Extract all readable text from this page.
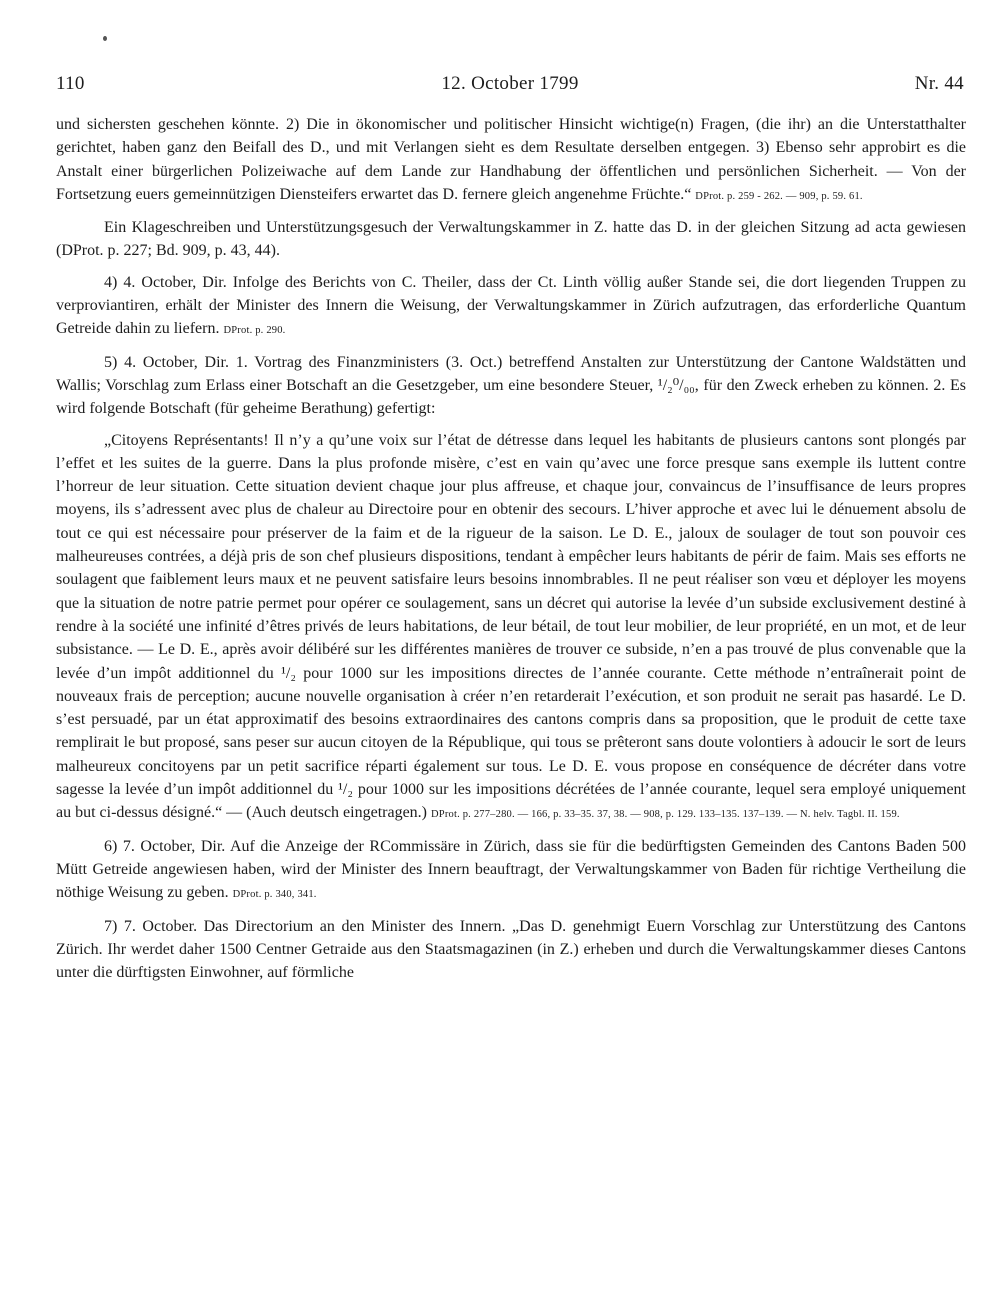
110	12. October 1799	Nr. 44

und sichersten geschehen könnte. 2) Die in ökonomischer und politischer Hinsicht wichtige(n) Fragen, (die ihr) an die Unterstatthalter gerichtet, haben ganz den Beifall des D., und mit Verlangen sieht es dem Resultate derselben entgegen. 3) Ebenso sehr approbirt es die Anstalt einer bürgerlichen Polizeiwache auf dem Lande zur Handhabung der öffentlichen und persönlichen Sicherheit. — Von der Fortsetzung euers gemeinnützigen Diensteifers erwartet das D. fernere gleich angenehme Früchte.“ DProt. p. 259 - 262. — 909, p. 59. 61.

Ein Klageschreiben und Unterstützungsgesuch der Verwaltungskammer in Z. hatte das D. in der gleichen Sitzung ad acta gewiesen (DProt. p. 227; Bd. 909, p. 43, 44).

4) 4. October, Dir. Infolge des Berichts von C. Theiler, dass der Ct. Linth völlig außer Stande sei, die dort liegenden Truppen zu verproviantiren, erhält der Minister des Innern die Weisung, der Verwaltungskammer in Zürich aufzutragen, das erforderliche Quantum Getreide dahin zu liefern. DProt. p. 290.

5) 4. October, Dir. 1. Vortrag des Finanzministers (3. Oct.) betreffend Anstalten zur Unterstützung der Cantone Waldstätten und Wallis; Vorschlag zum Erlass einer Botschaft an die Gesetzgeber, um eine besondere Steuer, ¹/₂⁰/₀₀, für den Zweck erheben zu können. 2. Es wird folgende Botschaft (für geheime Berathung) gefertigt:

„Citoyens Représentants! Il n’y a qu’une voix sur l’état de détresse dans lequel les habitants de plusieurs cantons sont plongés par l’effet et les suites de la guerre. Dans la plus profonde misère, c’est en vain qu’avec une force presque sans exemple ils luttent contre l’horreur de leur situation. Cette situation devient chaque jour plus affreuse, et chaque jour, convaincus de l’insuffisance de leurs propres moyens, ils s’adressent avec plus de chaleur au Directoire pour en obtenir des secours. L’hiver approche et avec lui le dénuement absolu de tout ce qui est nécessaire pour préserver de la faim et de la rigueur de la saison. Le D. E., jaloux de soulager de tout son pouvoir ces malheureuses contrées, a déjà pris de son chef plusieurs dispositions, tendant à empêcher leurs habitants de périr de faim. Mais ses efforts ne soulagent que faiblement leurs maux et ne peuvent satisfaire leurs besoins innombrables. Il ne peut réaliser son vœu et déployer les moyens que la situation de notre patrie permet pour opérer ce soulagement, sans un décret qui autorise la levée d’un subside exclusivement destiné à rendre à la société une infinité d’êtres privés de leurs habitations, de leur bétail, de tout leur mobilier, de leur propriété, en un mot, et de leur subsistance. — Le D. E., après avoir délibéré sur les différentes manières de trouver ce subside, n’en a pas trouvé de plus convenable que la levée d’un impôt additionnel du ¹/₂ pour 1000 sur les impositions directes de l’année courante. Cette méthode n’entraînerait point de nouveaux frais de perception; aucune nouvelle organisation à créer n’en retarderait l’exécution, et son produit ne serait pas hasardé. Le D. s’est persuadé, par un état approximatif des besoins extraordinaires des cantons compris dans sa proposition, que le produit de cette taxe remplirait le but proposé, sans peser sur aucun citoyen de la République, qui tous se prêteront sans doute volontiers à adoucir le sort de leurs malheureux concitoyens par un petit sacrifice réparti également sur tous. Le D. E. vous propose en conséquence de décréter dans votre sagesse la levée d’un impôt additionnel du ¹/₂ pour 1000 sur les impositions décrétées de l’année courante, lequel sera employé uniquement au but ci-dessus désigné.“ — (Auch deutsch eingetragen.) DProt. p. 277–280. — 166, p. 33–35. 37, 38. — 908, p. 129. 133–135. 137–139. — N. helv. Tagbl. II. 159.

6) 7. October, Dir. Auf die Anzeige der RCommissäre in Zürich, dass sie für die bedürftigsten Gemeinden des Cantons Baden 500 Mütt Getreide angewiesen haben, wird der Minister des Innern beauftragt, der Verwaltungskammer von Baden für richtige Vertheilung die nöthige Weisung zu geben. DProt. p. 340, 341.

7) 7. October. Das Directorium an den Minister des Innern. „Das D. genehmigt Euern Vorschlag zur Unterstützung des Cantons Zürich. Ihr werdet daher 1500 Centner Getraide aus den Staatsmagazinen (in Z.) erheben und durch die Verwaltungskammer dieses Cantons unter die dürftigsten Einwohner, auf förmliche
